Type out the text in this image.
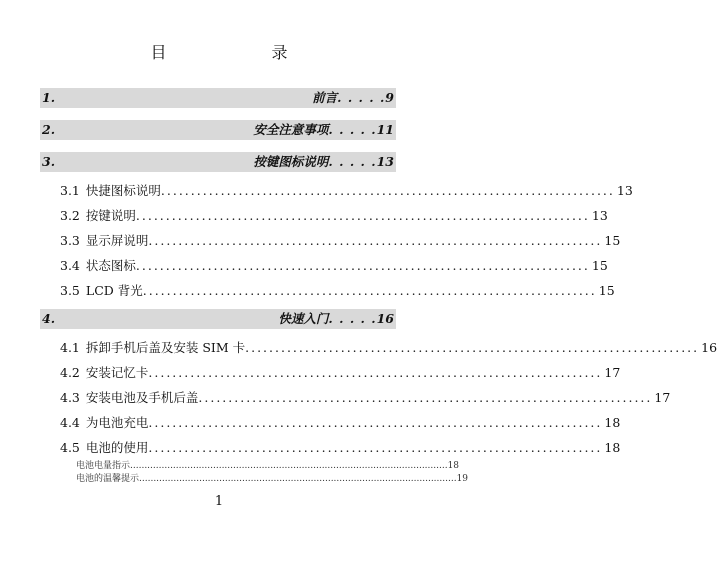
目 录
1.	前言 . . . . . 9
2.	安全注意事项 . . . . . 11
3.	按键图标说明 . . . . . 13
3.1 快捷图标说明 ............................................................................ 13
3.2 按键说明 ............................................................................ 13
3.3 显示屏说明 ............................................................................ 15
3.4 状态图标 ............................................................................ 15
3.5 LCD 背光 ............................................................................ 15
4.	快速入门 . . . . . 16
4.1 拆卸手机后盖及安装 SIM 卡 ............................................................................ 16
4.2 安装记忆卡 ............................................................................ 17
4.3 安装电池及手机后盖 ............................................................................ 17
4.4 为电池充电 ............................................................................ 18
4.5 电池的使用 ............................................................................ 18
电池电量指示 ............................................................................................................... 18
电池的温馨提示 ............................................................................................................... 19
1
